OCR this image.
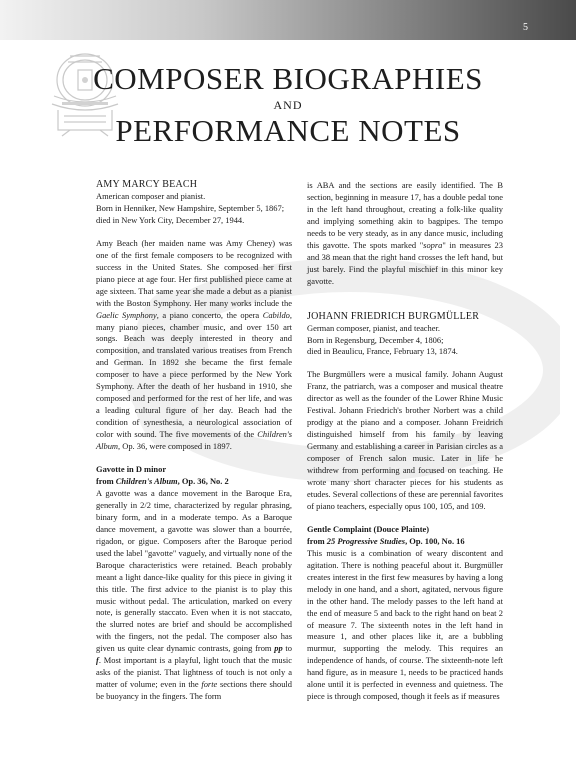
5
COMPOSER BIOGRAPHIES
AND
PERFORMANCE NOTES

AMY MARCY BEACH

American composer and pianist.

Born in Henniker, New Hampshire, September 5, 1867; died in New York City, December 27, 1944.

Amy Beach (her maiden name was Amy Cheney) was one of the first female composers to be recognized with success in the United States. She composed her first piano piece at age four. Her first published piece came at age sixteen. That same year she made a debut as a pianist with the Boston Symphony. Her many works include the Gaelic Symphony, a piano concerto, the opera Cabildo, many piano pieces, chamber music, and over 150 art songs. Beach was deeply interested in theory and composition, and translated various treatises from French and German. In 1892 she became the first female composer to have a piece performed by the New York Symphony. After the death of her husband in 1910, she composed and performed for the rest of her life, and was a leading cultural figure of her day. Beach had the condition of synesthesia, a neurological association of color with sound. The five movements of the Children's Album, Op. 36, were composed in 1897.

Gavotte in D minor

from Children's Album, Op. 36, No. 2

A gavotte was a dance movement in the Baroque Era, generally in 2/2 time, characterized by regular phrasing, binary form, and in a moderate tempo. As a Baroque dance movement, a gavotte was slower than a bourrée, rigadon, or gigue. Composers after the Baroque period used the label "gavotte" vaguely, and virtually none of the Baroque characteristics were retained. Beach probably meant a light dance-like quality for this piece in giving it this title. The first advice to the pianist is to play this music without pedal. The articulation, marked on every note, is generally staccato. Even when it is not staccato, the slurred notes are brief and should be accomplished with the fingers, not the pedal. The composer also has given us quite clear dynamic contrasts, going from pp to f. Most important is a playful, light touch that the music asks of the pianist. That lightness of touch is not only a matter of volume; even in the forte sections there should be buoyancy in the fingers. The form

is ABA and the sections are easily identified. The B section, beginning in measure 17, has a double pedal tone in the left hand throughout, creating a folk-like quality and implying something akin to bagpipes. The tempo needs to be very steady, as in any dance music, including this gavotte. The spots marked "sopra" in measures 23 and 38 mean that the right hand crosses the left hand, but just barely. Find the playful mischief in this minor key gavotte.

JOHANN FRIEDRICH BURGMÜLLER

German composer, pianist, and teacher.

Born in Regensburg, December 4, 1806;

died in Beaulicu, France, February 13, 1874.

The Burgmüllers were a musical family. Johann August Franz, the patriarch, was a composer and musical theatre director as well as the founder of the Lower Rhine Music Festival. Johann Friedrich's brother Norbert was a child prodigy at the piano and a composer. Johann Freidrich distinguished himself from his family by leaving Germany and establishing a career in Parisian circles as a composer of French salon music. Later in life he withdrew from performing and focused on teaching. He wrote many short character pieces for his students as etudes. Several collections of these are perennial favorites of piano teachers, especially opus 100, 105, and 109.

Gentle Complaint (Douce Plainte)

from 25 Progressive Studies, Op. 100, No. 16

This music is a combination of weary discontent and agitation. There is nothing peaceful about it. Burgmüller creates interest in the first few measures by having a long melody in one hand, and a short, agitated, nervous figure in the other hand. The melody passes to the left hand at the end of measure 5 and back to the right hand on beat 2 of measure 7. The sixteenth notes in the left hand in measure 1, and other places like it, are a bubbling murmur, supporting the melody. This requires an independence of hands, of course. The sixteenth-note left hand figure, as in measure 1, needs to be practiced hands alone until it is perfected in evenness and quietness. The piece is through composed, though it feels as if measures
